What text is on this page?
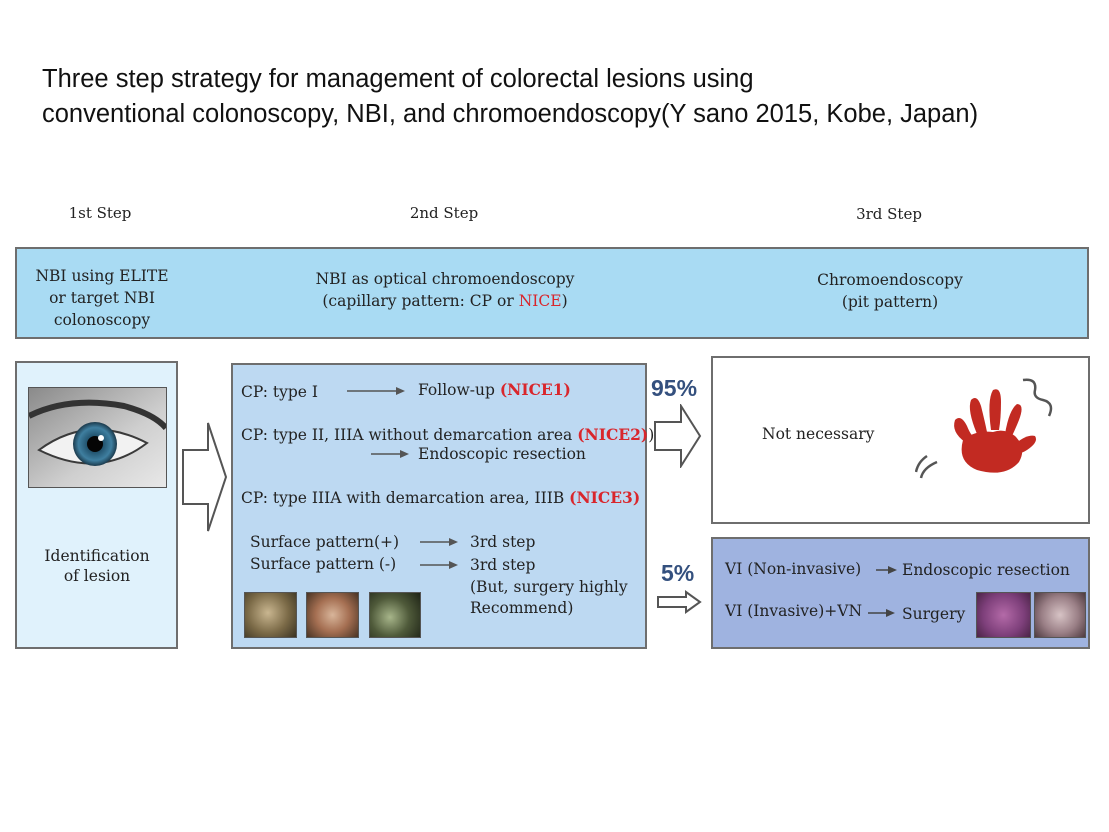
Three step strategy for management of colorectal lesions using
conventional colonoscopy, NBI, and chromoendoscopy(Y sano 2015, Kobe, Japan)
1st Step	2nd Step	3rd Step
NBI using ELITE
or target NBI
colonoscopy
NBI as optical chromoendoscopy
(capillary pattern: CP or NICE)
Chromoendoscopy
(pit pattern)
Identification
of lesion
CP: type I	Follow-up (NICE1)
CP: type II, IIIA without demarcation area (NICE2))
Endoscopic resection
CP: type IIIA with demarcation area, IIIB (NICE3)
Surface pattern(+)	3rd step
Surface pattern (-)	3rd step
(But, surgery highly
Recommend)
95%
5%
Not necessary
VI (Non-invasive)	Endoscopic resection
VI (Invasive)+VN	Surgery
